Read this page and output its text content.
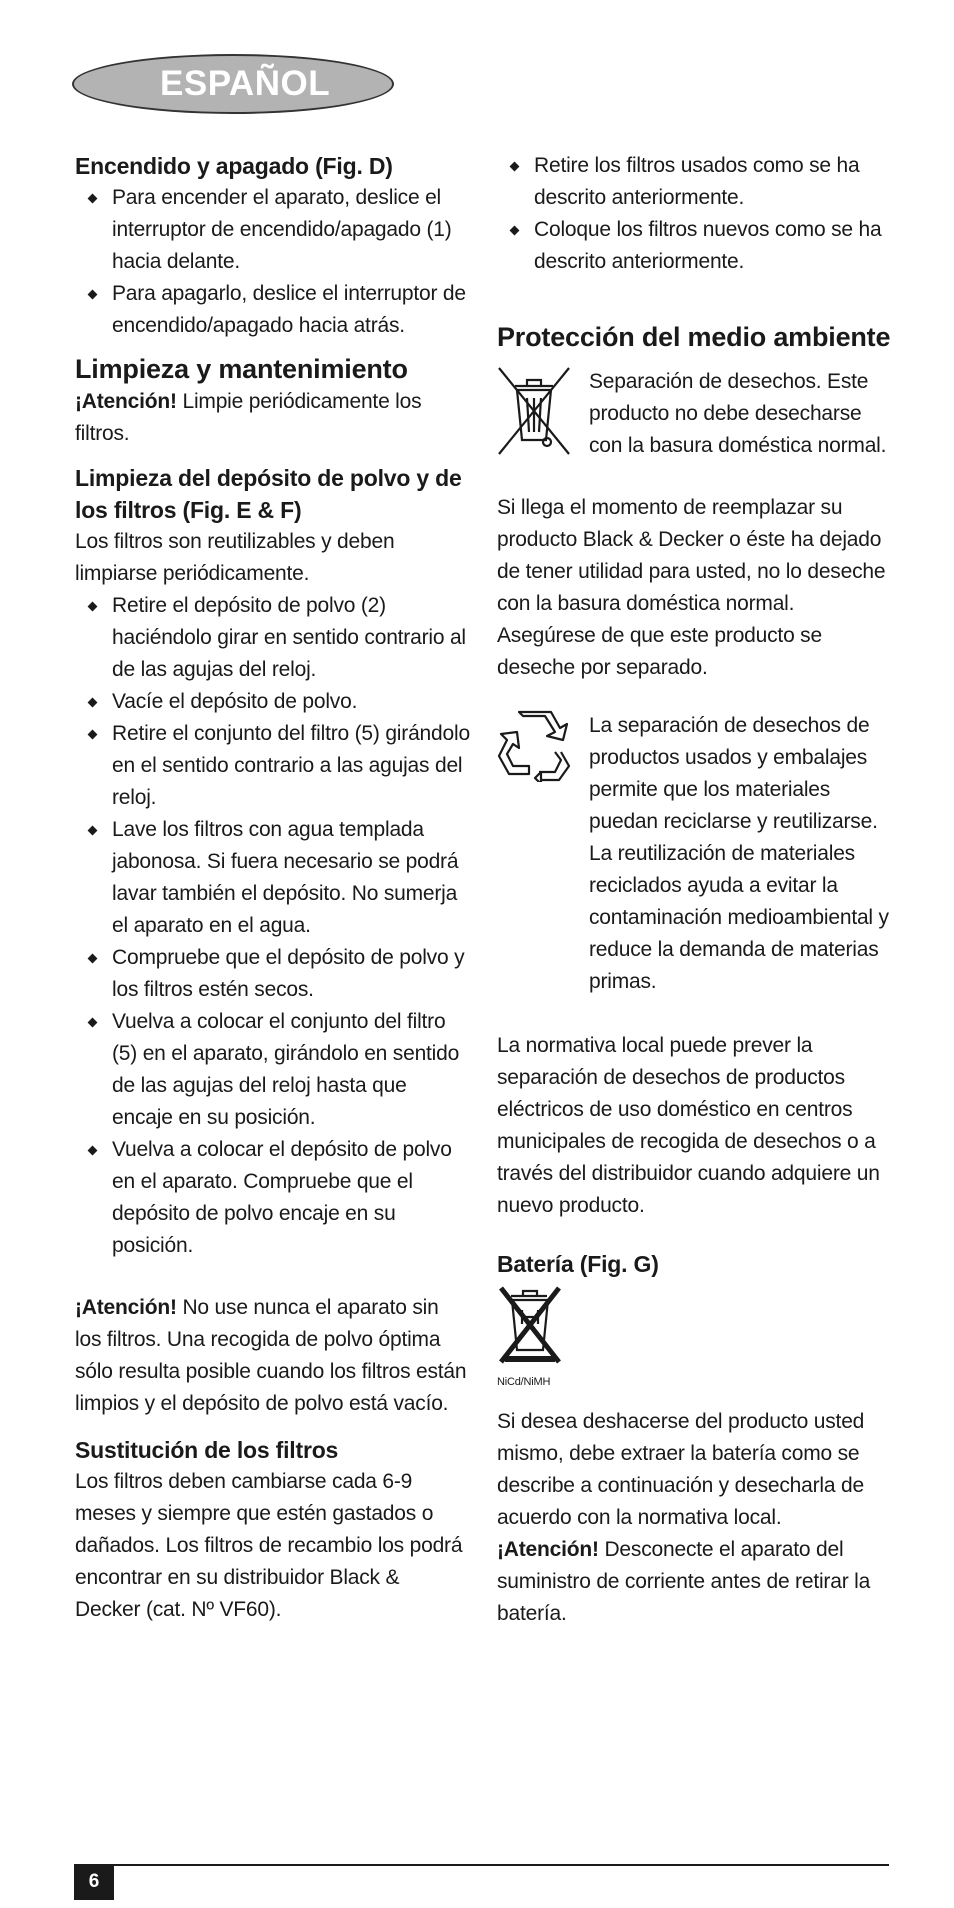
ESPAÑOL
Encendido y apagado (Fig. D)
Para encender el aparato, deslice el interruptor de encendido/apagado (1) hacia delante.
Para apagarlo, deslice el interruptor de encendido/apagado hacia atrás.
Limpieza y mantenimiento

¡Atención! Limpie periódicamente los filtros.

Limpieza del depósito de polvo y de los filtros (Fig. E & F)

Los filtros son reutilizables y deben limpiarse periódicamente.

Retire el depósito de polvo (2) haciéndolo girar en sentido contrario al de las agujas del reloj.
Vacíe el depósito de polvo.
Retire el conjunto del filtro (5) girándolo en el sentido contrario a las agujas del reloj.
Lave los filtros con agua templada jabonosa. Si fuera necesario se podrá lavar también el depósito. No sumerja el aparato en el agua.
Compruebe que el depósito de polvo y los filtros estén secos.
Vuelva a colocar el conjunto del filtro (5) en el aparato, girándolo en sentido de las agujas del reloj hasta que encaje en su posición.
Vuelva a colocar el depósito de polvo en el aparato. Compruebe que el depósito de polvo encaje en su posición.

¡Atención! No use nunca el aparato sin los filtros. Una recogida de polvo óptima sólo resulta posible cuando los filtros están limpios y el depósito de polvo está vacío.

Sustitución de los filtros

Los filtros deben cambiarse cada 6-9 meses y siempre que estén gastados o dañados. Los filtros de recambio los podrá encontrar en su distribuidor Black & Decker (cat. Nº VF60).

Retire los filtros usados como se ha descrito anteriormente.
Coloque los filtros nuevos como se ha descrito anteriormente.
Protección del medio ambiente
Separación de desechos. Este producto no debe desecharse con la basura doméstica normal.

Si llega el momento de reemplazar su producto Black & Decker o éste ha dejado de tener utilidad para usted, no lo deseche con la basura doméstica normal. Asegúrese de que este producto se deseche por separado.

La separación de desechos de productos usados y embalajes permite que los materiales puedan reciclarse y reutilizarse. La reutilización de materiales reciclados ayuda a evitar la contaminación medioambiental y reduce la demanda de materias primas.

La normativa local puede prever la separación de desechos de productos eléctricos de uso doméstico en centros municipales de recogida de desechos o a través del distribuidor cuando adquiere un nuevo producto.

Batería (Fig. G)
NiCd/NiMH

Si desea deshacerse del producto usted mismo, debe extraer la batería como se describe a continuación y desecharla de acuerdo con la normativa local.

¡Atención! Desconecte el aparato del suministro de corriente antes de retirar la batería.

6
